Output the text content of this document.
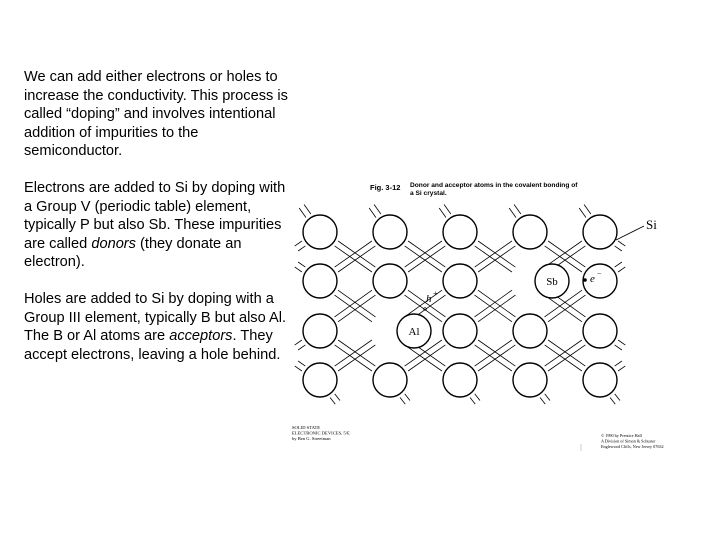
We can add either electrons or holes to increase the conductivity. This process is called “doping” and involves intentional addition of impurities to the semiconductor.

Electrons are added to Si by doping with a Group V (periodic table) element, typically P but also Sb. These impurities are called donors (they donate an electron).

Holes are added to Si by doping with a Group III element, typically B but also Al. The B or Al atoms are acceptors. They accept electrons, leaving a hole behind.

Fig. 3-12 Donor and acceptor atoms in the covalent bonding of a Si crystal.
Si
Sb	e −
h +
Al
SOLID STATE
ELECTRONIC DEVICES, 5/E
by Ben G. Streetman
© 1990 by Prentice Hall
A Division of Simon & Schuster
Englewood Cliffs, New Jersey 07632
